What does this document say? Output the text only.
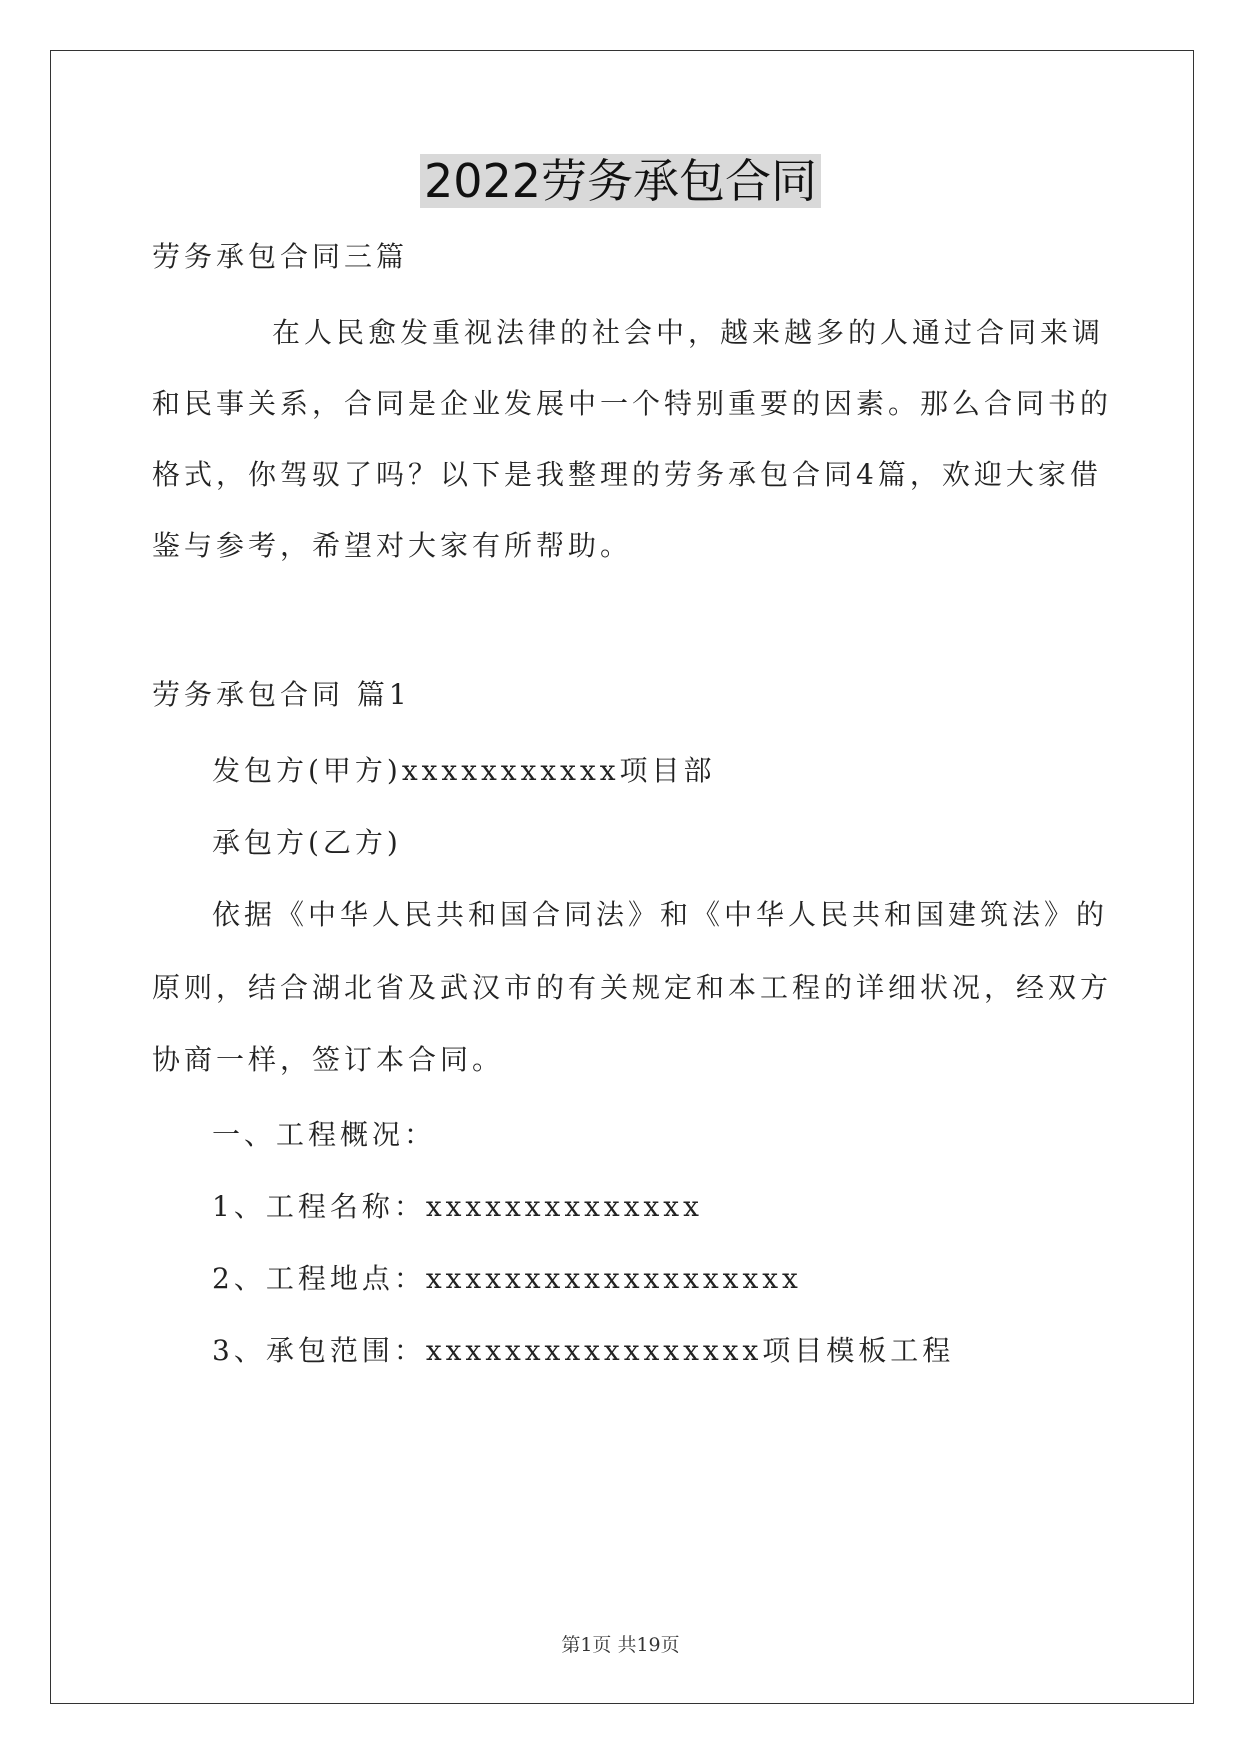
2022劳务承包合同
劳务承包合同三篇
在人民愈发重视法律的社会中，越来越多的人通过合同来调
和民事关系，合同是企业发展中一个特别重要的因素。那么合同书的
格式，你驾驭了吗？以下是我整理的劳务承包合同4篇，欢迎大家借
鉴与参考，希望对大家有所帮助。
劳务承包合同 篇1
发包方(甲方)xxxxxxxxxxx项目部
承包方(乙方)
依据《中华人民共和国合同法》和《中华人民共和国建筑法》的
原则，结合湖北省及武汉市的有关规定和本工程的详细状况，经双方
协商一样，签订本合同。
一、工程概况：
1、工程名称：xxxxxxxxxxxxxx
2、工程地点：xxxxxxxxxxxxxxxxxxx
3、承包范围：xxxxxxxxxxxxxxxxx项目模板工程
第1页 共19页
